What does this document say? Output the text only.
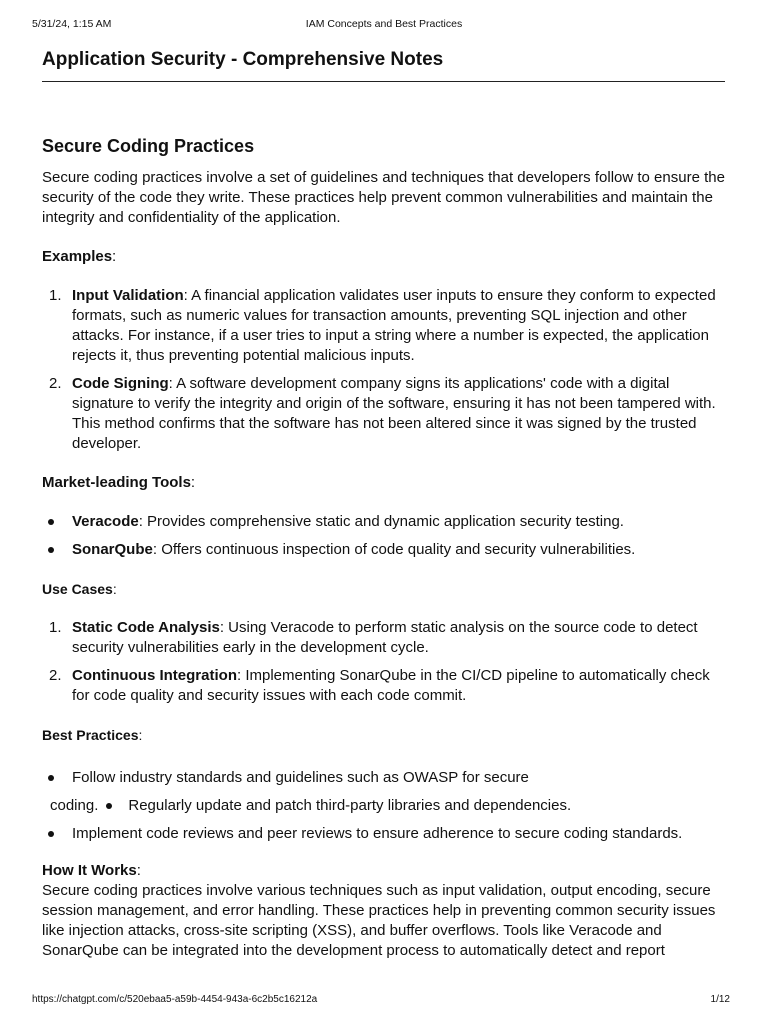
5/31/24, 1:15 AM	IAM Concepts and Best Practices
Application Security - Comprehensive Notes
Secure Coding Practices

Secure coding practices involve a set of guidelines and techniques that developers follow to ensure the security of the code they write. These practices help prevent common vulnerabilities and maintain the integrity and confidentiality of the application.

Examples:

1. Input Validation: A financial application validates user inputs to ensure they conform to expected formats, such as numeric values for transaction amounts, preventing SQL injection and other
attacks. For instance, if a user tries to input a string where a number is expected, the application rejects it, thus preventing potential malicious inputs.
2. Code Signing: A software development company signs its applications' code with a digital signature to verify the integrity and origin of the software, ensuring it has not been tampered with. This method confirms that the software has not been altered since it was signed by the trusted developer.

Market-leading Tools:

Veracode: Provides comprehensive static and dynamic application security testing.
SonarQube: Offers continuous inspection of code quality and security vulnerabilities.

Use Cases:

1. Static Code Analysis: Using Veracode to perform static analysis on the source code to detect security vulnerabilities early in the development cycle.
2. Continuous Integration: Implementing SonarQube in the CI/CD pipeline to automatically check for code quality and security issues with each code commit.

Best Practices:

Follow industry standards and guidelines such as OWASP for secure
coding. Regularly update and patch third-party libraries and dependencies.
Implement code reviews and peer reviews to ensure adherence to secure coding standards.

How It Works:

Secure coding practices involve various techniques such as input validation, output encoding, secure session management, and error handling. These practices help in preventing common security issues like injection attacks, cross-site scripting (XSS), and buffer overflows. Tools like Veracode and SonarQube can be integrated into the development process to automatically detect and report

https://chatgpt.com/c/520ebaa5-a59b-4454-943a-6c2b5c16212a	1/12
